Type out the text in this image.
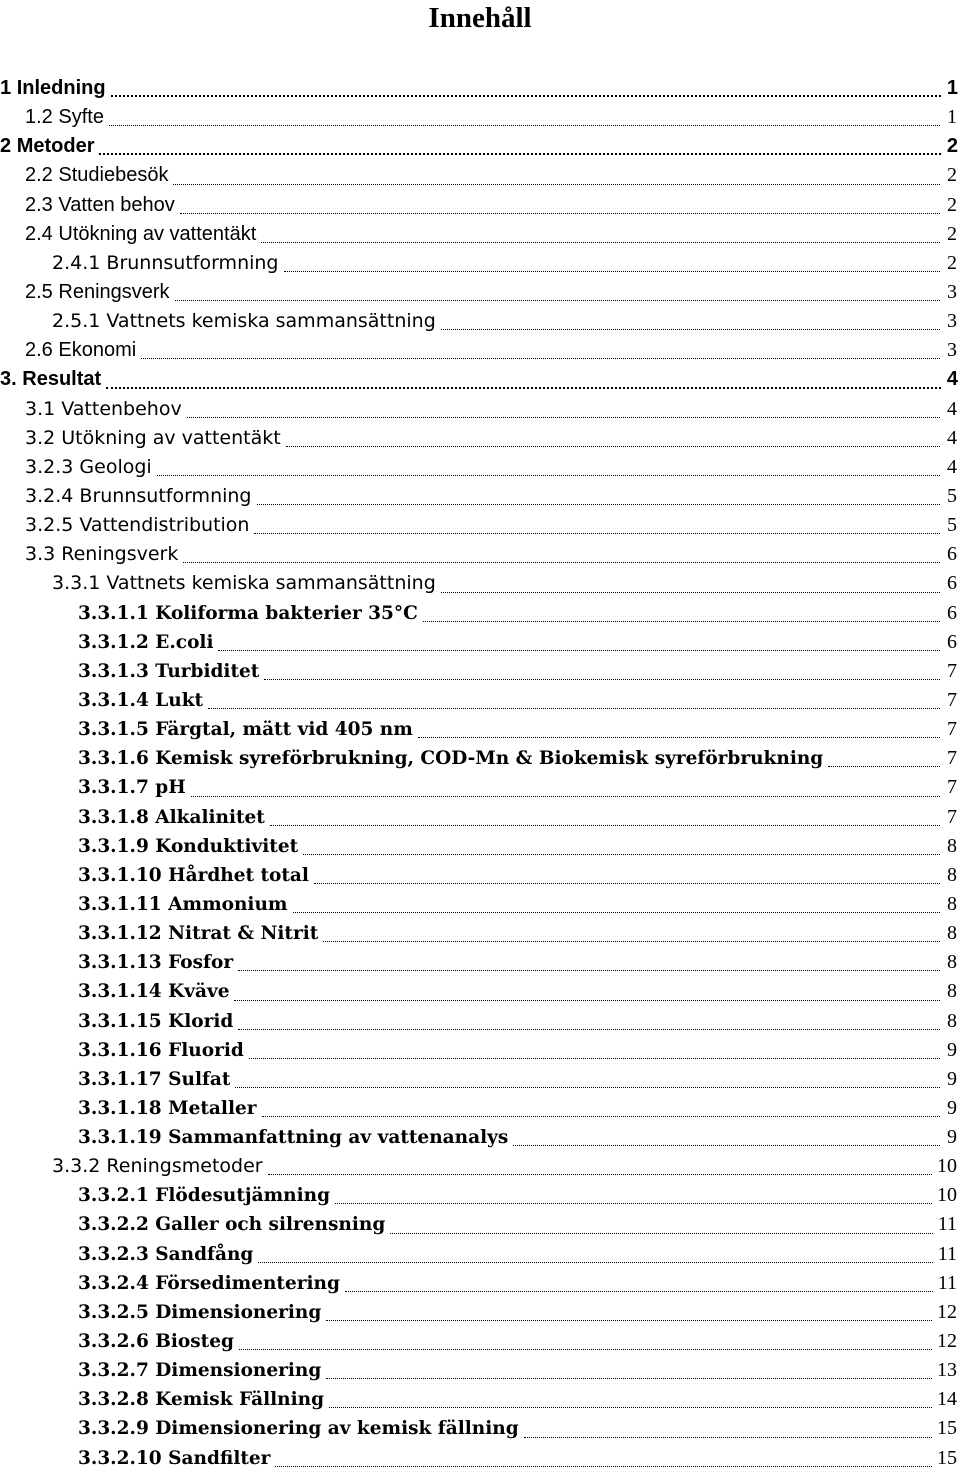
Innehåll
1 Inledning	1
1.2 Syfte	1
2 Metoder	2
2.2 Studiebesök	2
2.3 Vatten behov	2
2.4 Utökning av vattentäkt	2
2.4.1 Brunnsutformning	2
2.5 Reningsverk	3
2.5.1 Vattnets kemiska sammansättning	3
2.6 Ekonomi	3
3. Resultat	4
3.1 Vattenbehov	4
3.2 Utökning av vattentäkt	4
3.2.3 Geologi	4
3.2.4 Brunnsutformning	5
3.2.5 Vattendistribution	5
3.3 Reningsverk	6
3.3.1 Vattnets kemiska sammansättning	6
3.3.1.1 Koliforma bakterier 35°C	6
3.3.1.2 E.coli	6
3.3.1.3 Turbiditet	7
3.3.1.4 Lukt	7
3.3.1.5 Färgtal, mätt vid 405 nm	7
3.3.1.6 Kemisk syreförbrukning, COD-Mn & Biokemisk syreförbrukning	7
3.3.1.7 pH	7
3.3.1.8 Alkalinitet	7
3.3.1.9 Konduktivitet	8
3.3.1.10 Hårdhet total	8
3.3.1.11 Ammonium	8
3.3.1.12 Nitrat & Nitrit	8
3.3.1.13 Fosfor	8
3.3.1.14 Kväve	8
3.3.1.15 Klorid	8
3.3.1.16 Fluorid	9
3.3.1.17 Sulfat	9
3.3.1.18 Metaller	9
3.3.1.19 Sammanfattning av vattenanalys	9
3.3.2 Reningsmetoder	10
3.3.2.1 Flödesutjämning	10
3.3.2.2 Galler och silrensning	11
3.3.2.3 Sandfång	11
3.3.2.4 Försedimentering	11
3.3.2.5 Dimensionering	12
3.3.2.6 Biosteg	12
3.3.2.7 Dimensionering	13
3.3.2.8 Kemisk Fällning	14
3.3.2.9 Dimensionering av kemisk fällning	15
3.3.2.10 Sandfilter	15
